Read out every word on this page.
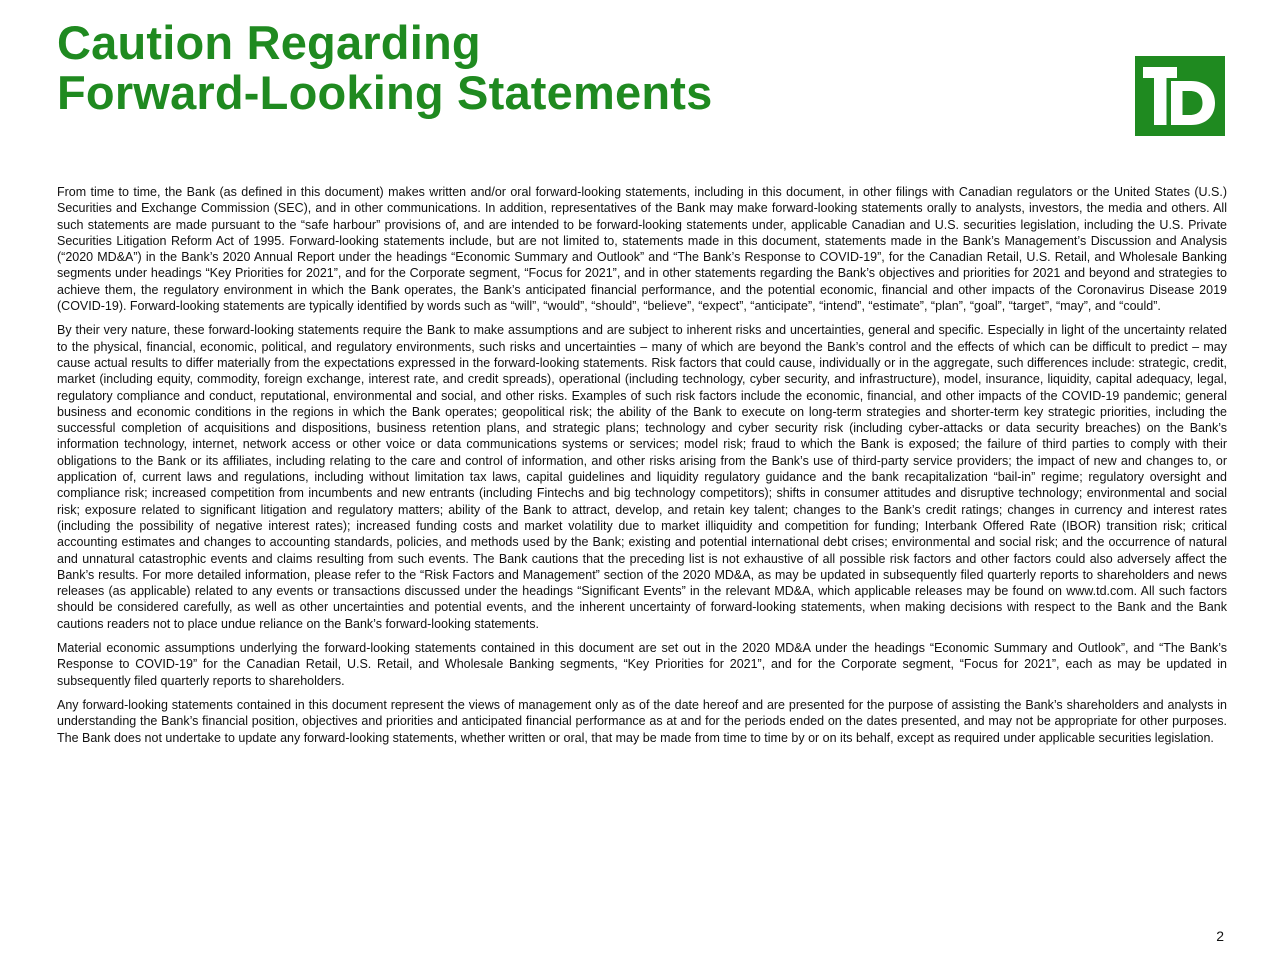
Caution Regarding
Forward-Looking Statements

From time to time, the Bank (as defined in this document) makes written and/or oral forward-looking statements, including in this document, in other filings with Canadian regulators or the United States (U.S.) Securities and Exchange Commission (SEC), and in other communications. In addition, representatives of the Bank may make forward-looking statements orally to analysts, investors, the media and others. All such statements are made pursuant to the “safe harbour” provisions of, and are intended to be forward-looking statements under, applicable Canadian and U.S. securities legislation, including the U.S. Private Securities Litigation Reform Act of 1995. Forward-looking statements include, but are not limited to, statements made in this document, statements made in the Bank’s Management’s Discussion and Analysis (“2020 MD&A”) in the Bank’s 2020 Annual Report under the headings “Economic Summary and Outlook” and “The Bank’s Response to COVID-19”, for the Canadian Retail, U.S. Retail, and Wholesale Banking segments under headings “Key Priorities for 2021”, and for the Corporate segment, “Focus for 2021”, and in other statements regarding the Bank’s objectives and priorities for 2021 and beyond and strategies to achieve them, the regulatory environment in which the Bank operates, the Bank’s anticipated financial performance, and the potential economic, financial and other impacts of the Coronavirus Disease 2019 (COVID-19). Forward-looking statements are typically identified by words such as “will”, “would”, “should”, “believe”, “expect”, “anticipate”, “intend”, “estimate”, “plan”, “goal”, “target”, “may”, and “could”.

By their very nature, these forward-looking statements require the Bank to make assumptions and are subject to inherent risks and uncertainties, general and specific. Especially in light of the uncertainty related to the physical, financial, economic, political, and regulatory environments, such risks and uncertainties – many of which are beyond the Bank’s control and the effects of which can be difficult to predict – may cause actual results to differ materially from the expectations expressed in the forward-looking statements. Risk factors that could cause, individually or in the aggregate, such differences include: strategic, credit, market (including equity, commodity, foreign exchange, interest rate, and credit spreads), operational (including technology, cyber security, and infrastructure), model, insurance, liquidity, capital adequacy, legal, regulatory compliance and conduct, reputational, environmental and social, and other risks. Examples of such risk factors include the economic, financial, and other impacts of the COVID-19 pandemic; general business and economic conditions in the regions in which the Bank operates; geopolitical risk; the ability of the Bank to execute on long-term strategies and shorter-term key strategic priorities, including the successful completion of acquisitions and dispositions, business retention plans, and strategic plans; technology and cyber security risk (including cyber-attacks or data security breaches) on the Bank’s information technology, internet, network access or other voice or data communications systems or services; model risk; fraud to which the Bank is exposed; the failure of third parties to comply with their obligations to the Bank or its affiliates, including relating to the care and control of information, and other risks arising from the Bank’s use of third-party service providers; the impact of new and changes to, or application of, current laws and regulations, including without limitation tax laws, capital guidelines and liquidity regulatory guidance and the bank recapitalization “bail-in” regime; regulatory oversight and compliance risk; increased competition from incumbents and new entrants (including Fintechs and big technology competitors); shifts in consumer attitudes and disruptive technology; environmental and social risk; exposure related to significant litigation and regulatory matters; ability of the Bank to attract, develop, and retain key talent; changes to the Bank’s credit ratings; changes in currency and interest rates (including the possibility of negative interest rates); increased funding costs and market volatility due to market illiquidity and competition for funding; Interbank Offered Rate (IBOR) transition risk; critical accounting estimates and changes to accounting standards, policies, and methods used by the Bank; existing and potential international debt crises; environmental and social risk; and the occurrence of natural and unnatural catastrophic events and claims resulting from such events. The Bank cautions that the preceding list is not exhaustive of all possible risk factors and other factors could also adversely affect the Bank’s results. For more detailed information, please refer to the “Risk Factors and Management” section of the 2020 MD&A, as may be updated in subsequently filed quarterly reports to shareholders and news releases (as applicable) related to any events or transactions discussed under the headings “Significant Events” in the relevant MD&A, which applicable releases may be found on www.td.com. All such factors should be considered carefully, as well as other uncertainties and potential events, and the inherent uncertainty of forward-looking statements, when making decisions with respect to the Bank and the Bank cautions readers not to place undue reliance on the Bank’s forward-looking statements.

Material economic assumptions underlying the forward-looking statements contained in this document are set out in the 2020 MD&A under the headings “Economic Summary and Outlook”, and “The Bank’s Response to COVID-19” for the Canadian Retail, U.S. Retail, and Wholesale Banking segments, “Key Priorities for 2021”, and for the Corporate segment, “Focus for 2021”, each as may be updated in subsequently filed quarterly reports to shareholders.

Any forward-looking statements contained in this document represent the views of management only as of the date hereof and are presented for the purpose of assisting the Bank’s shareholders and analysts in understanding the Bank’s financial position, objectives and priorities and anticipated financial performance as at and for the periods ended on the dates presented, and may not be appropriate for other purposes. The Bank does not undertake to update any forward-looking statements, whether written or oral, that may be made from time to time by or on its behalf, except as required under applicable securities legislation.

2
